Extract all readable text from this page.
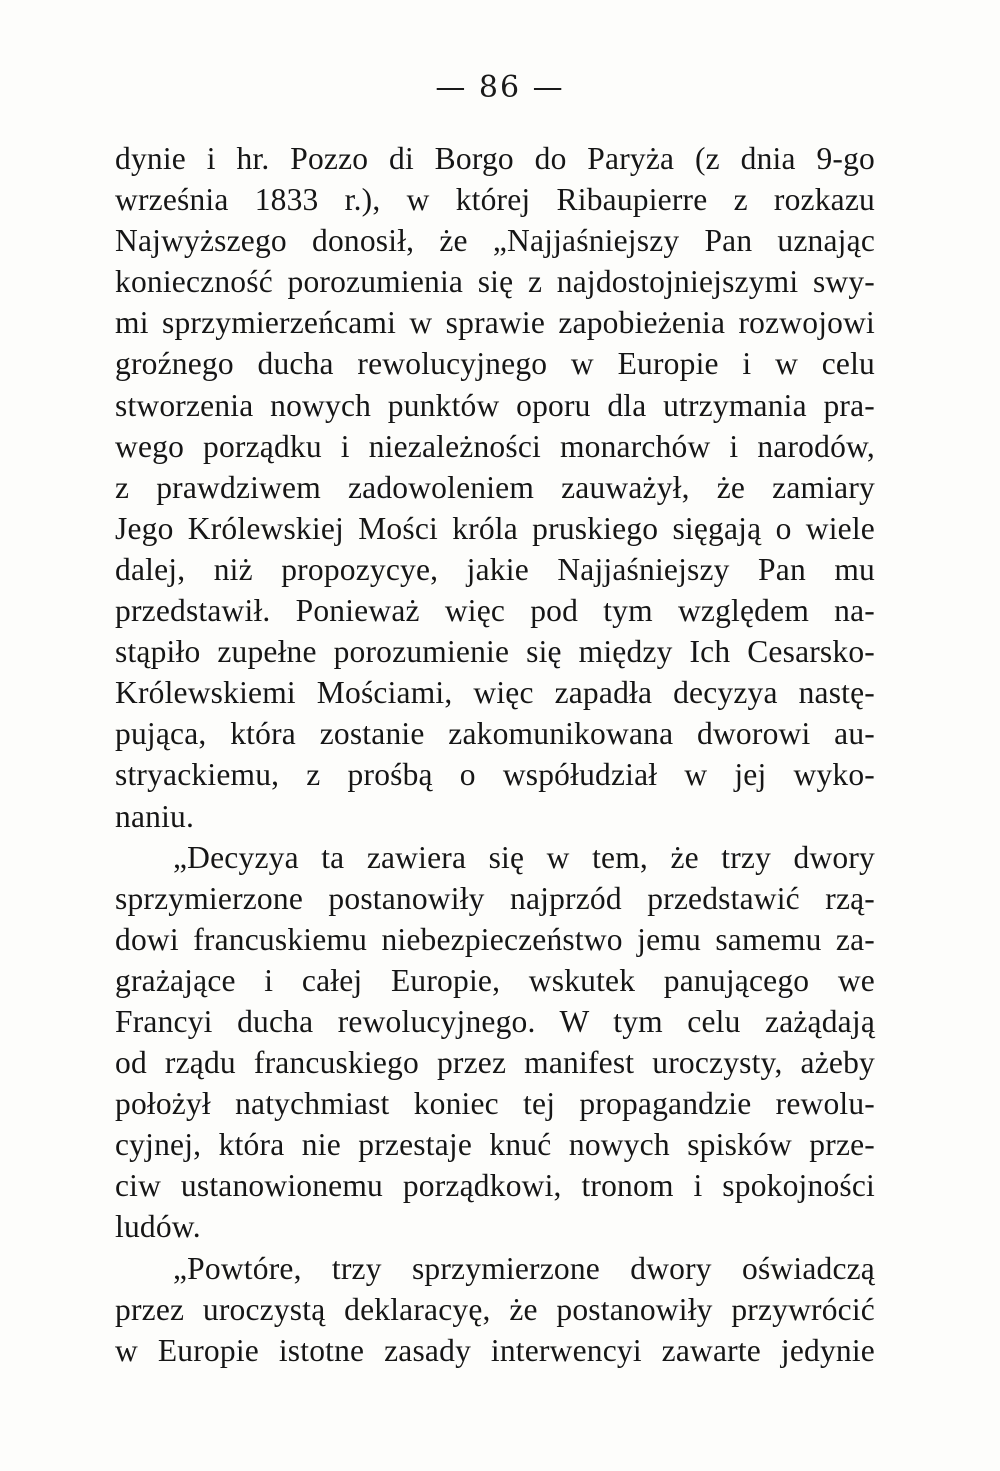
— 86 —
dynie i hr. Pozzo di Borgo do Paryża (z dnia 9-go
września 1833 r.), w której Ribaupierre z rozkazu
Najwyższego donosił, że „Najjaśniejszy Pan uznając
konieczność porozumienia się z najdostojniejszymi swy-
mi sprzymierzeńcami w sprawie zapobieżenia rozwojowi
groźnego ducha rewolucyjnego w Europie i w celu
stworzenia nowych punktów oporu dla utrzymania pra-
wego porządku i niezależności monarchów i narodów,
z prawdziwem zadowoleniem zauważył, że zamiary
Jego Królewskiej Mości króla pruskiego sięgają o wiele
dalej, niż propozycye, jakie Najjaśniejszy Pan mu
przedstawił. Ponieważ więc pod tym względem na-
stąpiło zupełne porozumienie się między Ich Cesarsko-
Królewskiemi Mościami, więc zapadła decyzya nastę-
pująca, która zostanie zakomunikowana dworowi au-
stryackiemu, z prośbą o współudział w jej wyko-
naniu.
„Decyzya ta zawiera się w tem, że trzy dwory
sprzymierzone postanowiły najprzód przedstawić rzą-
dowi francuskiemu niebezpieczeństwo jemu samemu za-
grażające i całej Europie, wskutek panującego we
Francyi ducha rewolucyjnego. W tym celu zażądają
od rządu francuskiego przez manifest uroczysty, ażeby
położył natychmiast koniec tej propagandzie rewolu-
cyjnej, która nie przestaje knuć nowych spisków prze-
ciw ustanowionemu porządkowi, tronom i spokojności
ludów.
„Powtóre, trzy sprzymierzone dwory oświadczą
przez uroczystą deklaracyę, że postanowiły przywrócić
w Europie istotne zasady interwencyi zawarte jedynie
